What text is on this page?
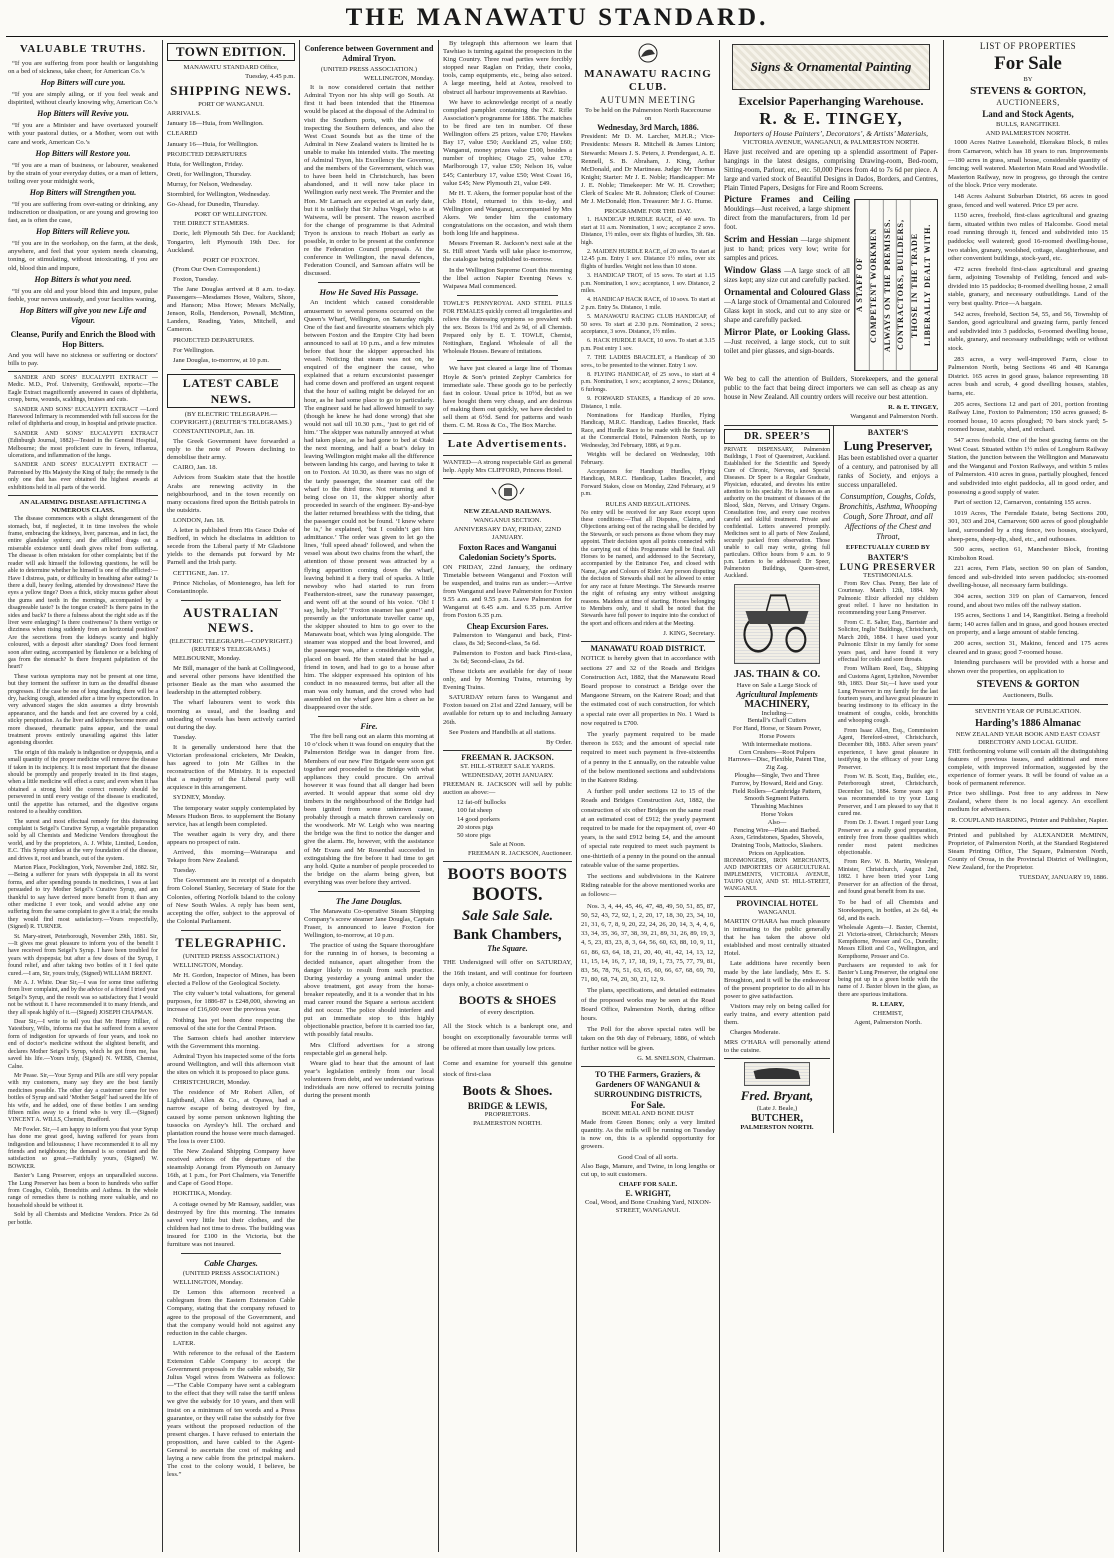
THE MANAWATU STANDARD.
VALUABLE TRUTHS.

“If you are suffering from poor health or languishing on a bed of sickness, take cheer, for American Co.’s

Hop Bitters will cure you.

“If you are simply ailing, or if you feel weak and dispirited, without clearly knowing why, American Co.’s

Hop Bitters will Revive you.

“If you are a Minister and have overtaxed yourself with your pastoral duties, or a Mother, worn out with care and work, American Co.’s

Hop Bitters will Restore you.

“If you are a man of business, or labourer, weakened by the strain of your everyday duties, or a man of letters, toiling over your midnight work,

Hop Bitters will Strengthen you.

“If you are suffering from over-eating or drinking, any indiscretion or dissipation, or are young and growing too fast, as is often the case,

Hop Bitters will Relieve you.

“If you are in the workshop, on the farm, at the desk, anywhere, and feel that your system needs cleansing, toning, or stimulating, without intoxicating, if you are old, blood thin and impure,

Hop Bitters is what you need.

“If you are old and your blood thin and impure, pulse feeble, your nerves unsteady, and your faculties waning,

Hop Bitters will give you new Life and Vigour.

Cleanse, Purify and Enrich the Blood with Hop Bitters.

And you will have no sickness or suffering or doctors’ bills to pay.

SANDER AND SONS’ EUCALYPTI EXTRACT —Medic. M.D., Prof. University, Greifswald, reports:—The Eagle Extract magnificently answered in cases of diphtheria, croup, burns, wounds, scaldings, bruises and cuts.

SANDER AND SONS’ EUCALYPTI EXTRACT —Lord Harewood Infirmary is recommended with full success for the relief of diphtheria and croup, in hospital and private practice.

SANDER AND SONS’ EUCALYPTI EXTRACT (Edinburgh Journal, 1882)—Tested in the General Hospital, Melbourne; the most proficient cure in fevers, influenza, ulcerations, and inflammation of the lungs.

SANDER AND SONS’ EUCALYPTI EXTRACT —Patronised by His Majesty the King of Italy; the remedy is the only one that has ever obtained the highest awards at exhibitions held in all parts of the world.

AN ALARMING DISEASE AFFLICTING A NUMEROUS CLASS.

The disease commences with a slight derangement of the stomach, but, if neglected, it in time involves the whole frame, embracing the kidneys, liver, pancreas, and in fact, the entire glandular system; and the afflicted drags out a miserable existence until death gives relief from suffering. The disease is often mistaken for other complaints; but if the reader will ask himself the following questions, he will be able to determine whether he himself is one of the afflicted:—Have I distress, pain, or difficulty in breathing after eating? Is there a dull, heavy feeling, attended by drowsiness? Have the eyes a yellow tinge? Does a thick, sticky mucus gather about the gums and teeth in the mornings, accompanied by a disagreeable taste? Is the tongue coated? Is there pains in the sides and back? Is there a fulness about the right side as if the liver were enlarging? Is there costiveness? Is there vertigo or dizziness when rising suddenly from an horizontal position? Are the secretions from the kidneys scanty and highly coloured, with a deposit after standing? Does food ferment soon after eating, accompanied by flatulence or a belching of gas from the stomach? Is there frequent palpitation of the heart?

These various symptoms may not be present at one time, but they torment the sufferer in turn as the dreadful disease progresses. If the case be one of long standing, there will be a dry, hacking cough, attended after a time by expectoration. In very advanced stages the skin assumes a dirty brownish appearance, and the hands and feet are covered by a cold, sticky perspiration. As the liver and kidneys become more and more diseased, rheumatic pains appear, and the usual treatment proves entirely unavailing against this latter agonising disorder.

The origin of this malady is indigestion or dyspepsia, and a small quantity of the proper medicine will remove the disease if taken in its incipiency. It is most important that the disease should be promptly and properly treated in its first stages, when a little medicine will effect a cure; and even when it has obtained a strong hold the correct remedy should be persevered in until every vestige of the disease is eradicated, until the appetite has returned, and the digestive organs restored to a healthy condition.

The surest and most effectual remedy for this distressing complaint is Seigel’s Curative Syrup, a vegetable preparation sold by all Chemists and Medicine Vendors throughout the world, and by the proprietors, A. J. White, Limited, London, E.C. This Syrup strikes at the very foundation of the disease, and drives it, root and branch, out of the system.

Marton Place, Pocklington, York, November 2nd, 1882. Sir,—Being a sufferer for years with dyspepsia in all its worst forms, and after spending pounds in medicines, I was at last persuaded to try Mother Seigel’s Curative Syrup, and am thankful to say have derived more benefit from it than any other medicine I ever took, and would advise any one suffering from the same complaint to give it a trial; the results they would find most satisfactory.—Yours respectfully, (Signed) R. TURNER.

St. Mary-street, Peterborough, November 29th, 1881. Sir,—It gives me great pleasure to inform you of the benefit I have received from Seigel’s Syrup. I have been troubled for years with dyspepsia; but after a few doses of the Syrup, I found relief, and after taking two bottles of it I feel quite cured.—I am, Sir, yours truly, (Signed) WILLIAM BRENT.

Mr A. J. White. Dear Sir,—I was for some time suffering from liver complaint, and by the advice of a friend I tried your Seigel’s Syrup, and the result was so satisfactory that I would not be without it. I have recommended it to many friends, and they all speak highly of it.—(Signed) JOSEPH CHAPMAN.

Dear Sir,—I write to tell you that Mr Henry Hillier, of Yatestbury, Wilts, informs me that he suffered from a severe form of indigestion for upwards of four years, and took no end of doctor’s medicine without the slightest benefit, and declares Mother Seigel’s Syrup, which he got from me, has saved his life.—Yours truly, (Signed) N. WEBB, Chemist, Calne.

Mr Pease. Sir,—Your Syrup and Pills are still very popular with my customers, many say they are the best family medicines possible. The other day a customer came for two bottles of Syrup and said ‘Mother Seigel’ had saved the life of his wife, and he added, one of these bottles I am sending fifteen miles away to a friend who is very ill.—(Signed) VINCENT A. WILLS, Chemist, Bradford.

Mr Fowler. Sir,—I am happy to inform you that your Syrup has done me great good, having suffered for years from indigestion and biliousness; I have recommended it to all my friends and neighbours; the demand is so constant and the satisfaction so great.—Faithfully yours, (Signed) W. BOWKER.

Baxter’s Lung Preserver, enjoys an unparalleled success. The Lung Preserver has been a boon to hundreds who suffer from Coughs, Colds, Bronchitis and Asthma. In the whole range of remedies there is nothing more valuable, and no household should be without it.

Sold by all Chemists and Medicine Vendors. Price 2s 6d per bottle.

TOWN EDITION.
MANAWATU STANDARD Office,
Tuesday, 4.45 p.m.
SHIPPING NEWS.
PORT OF WANGANUI.

ARRIVALS.

January 18—Huia, from Wellington.

CLEARED

January 16—Huia, for Wellington.

PROJECTED DEPARTURES

Huia, for Wellington, Friday.

Oreti, for Wellington, Thursday.

Murray, for Nelson, Wednesday.

Stormbird, for Wellington, Wednesday.

Go-Ahead, for Dunedin, Thursday.

PORT OF WELLINGTON.

THE DIRECT STEAMERS.

Doric, left Plymouth 5th Dec. for Auckland; Tongariro, left Plymouth 19th Dec. for Auckland.

PORT OF FOXTON.

(From Our Own Correspondent.)

Foxton, Tuesday.

The Jane Douglas arrived at 8 a.m. to-day. Passengers—Mesdames Howe, Walters, Shore, and Hanson; Miss Howe; Messrs McNally, Jenson, Rolls, Henderson, Pownall, McMinn, Landers, Reading, Yates, Mitchell, and Cameron.

PROJECTED DEPARTURES.

For Wellington.

Jane Douglas, to-morrow, at 10 p.m.

LATEST CABLE NEWS.
(BY ELECTRIC TELEGRAPH.—COPYRIGHT.) (REUTER’S TELEGRAMS.)

CONSTANTINOPLE, Jan. 18.

The Greek Government have forwarded a reply to the note of Powers declining to demobilise their army.

CAIRO, Jan. 18.

Advices from Suakim state that the hostile Arabs are renewing activity in the neighbourhood, and in the town recently on many occasions fired upon the British patrols in the outskirts.

LONDON, Jan. 18.

A letter is published from His Grace Duke of Bedford, in which he disclaims in addition to secede from the Liberal party if Mr Gladstone yields to the demands put forward by Mr Parnell and the Irish party.

CETTIGNE, Jan. 17.

Prince Nicholas, of Montenegro, has left for Constantinople.

AUSTRALIAN NEWS.
(ELECTRIC TELEGRAPH.—COPYRIGHT.) (REUTER’S TELEGRAMS.)

MELBOURNE, Monday.

Mr Bill, manager of the bank at Collingwood, and several other persons have identified the prisoner Beale as the man who assumed the leadership in the attempted robbery.

The wharf labourers went to work this morning as usual, and the loading and unloading of vessels has been actively carried out during the day.

Tuesday.

It is generally understood here that the Victorian professional cricketers, Mr Deakin, has agreed to join Mr Gillies in the reconstruction of the Ministry. It is expected that a majority of the Liberal party will acquiesce in this arrangement.

SYDNEY, Monday.

The temporary water supply contemplated by Messrs Hudson Bros. to supplement the Botany service, has at length been completed.

The weather again is very dry, and there appears no prospect of rain.

Arrived, this morning—Wairarapa and Tekapo from New Zealand.

Tuesday.

The Government are in receipt of a despatch from Colonel Stanley, Secretary of State for the Colonies, offering Norfolk Island to the colony of New South Wales. A reply has been sent, accepting the offer, subject to the approval of the Colonial Parliament.

TELEGRAPHIC.
(UNITED PRESS ASSOCIATION.)

WELLINGTON, Monday.

Mr H. Gordon, Inspector of Mines, has been elected a Fellow of the Geological Society.

The city valuer’s total valuations, for general purposes, for 1886-87 is £248,000, showing an increase of £16,600 over the previous year.

Nothing has yet been done respecting the removal of the site for the Central Prison.

The Samson chiefs had another interview with the Government this morning.

Admiral Tryon his inspected some of the forts around Wellington, and will this afternoon visit the sites on which it is proposed to place guns.

CHRISTCHURCH, Monday.

The residence of Mr Robert Allen, of Lightband, Allen & Co., at Opawa, had a narrow escape of being destroyed by fire, caused by some person unknown lighting the tussocks on Ayrsley’s hill. The orchard and plantation round the house were much damaged. The loss is over £100.

The New Zealand Shipping Company have received advices of the departure of the steamship Aorangi from Plymouth on January 16th, at 1 p.m., for Port Chalmers, via Teneriffe and Cape of Good Hope.

HOKITIKA, Monday.

A cottage owned by Mr Ramsay, saddler, was destroyed by fire this morning. The inmates saved very little but their clothes, and the children had not time to dress. The building was insured for £100 in the Victoria, but the furniture was not insured.

Cable Charges.
(UNITED PRESS ASSOCIATION.)

WELLINGTON, Monday.

Dr Lemon this afternoon received a cablegram from the Eastern Extension Cable Company, stating that the company refused to agree to the proposal of the Government, and that the company would hold not against any reduction in the cable charges.

LATER.

With reference to the refusal of the Eastern Extension Cable Company to accept the Government proposals re the cable subsidy, Sir Julius Vogel wires from Waiwera as follows:—“The Cable Company have sent a cablegram to the effect that they will raise the tariff unless we give the subsidy for 10 years, and then will insist on a minimum of ten words and a Press guarantee, or they will raise the subsidy for five years without the proposed reduction of the present charges. I have refused to entertain the proposition, and have cabled to the Agent-General to ascertain the cost of making and laying a new cable from the principal makers. The cost to the colony would, I believe, be less.”

Conference between Government and Admiral Tryon.
(UNITED PRESS ASSOCIATION.)
WELLINGTON, Monday.

It is now considered certain that neither Admiral Tryon nor his ship will go South. At first it had been intended that the Hinemoa would be placed at the disposal of the Admiral to visit the Southern ports, with the view of inspecting the Southern defences, and also the West Coast Sounds but as the time of the Admiral in New Zealand waters is limited he is unable to make his intended visits. The meeting of Admiral Tryon, his Excellency the Governor, and the members of the Government, which was to have been held in Christchurch, has been abandoned, and it will now take place in Wellington early next week. The Premier and the Hon. Mr Larnach are expected at an early date, but it is unlikely that Sir Julius Vogel, who is at Waiwera, will be present. The reason ascribed for the change of programme is that Admiral Tryon is anxious to reach Hobart as early as possible, in order to be present at the conference re the Federation Council proposals. At the conference in Wellington, the naval defences, Federation Council, and Samoan affairs will be discussed.

How He Saved His Passage.

An incident which caused considerable amusement to several persons occurred on the Queen’s Wharf, Wellington, on Saturday night. One of the fast and favourite steamers which ply between Foxton and the Empire City had been announced to sail at 10 p.m., and a few minutes before that hour the skipper approached his vessel. Noticing that steam was not on, he enquired of the engineer the cause, who explained that a return excursionist passenger had come down and proffered an urgent request that the hour of sailing might be delayed for an hour, as he had some place to go to particularly. The engineer said he had allowed himself to say (though he knew he had done wrong) that she would not sail till 10.30 p.m., ‘just to get rid of him.’ The skipper was naturally annoyed at what had taken place, as he had gone to bed at Otaki the next morning, and half a boat’s delay in leaving Wellington might make all the difference between landing his cargo, and having to take it on to Foxton. At 10.30, as there was no sign of the tardy passenger, the steamer cast off the wharf to the third time. Not returning and it being close on 11, the skipper shortly after proceeded in search of the engineer. By-and-bye the latter returned breathless with the tiding, that the passenger could not be found. ‘I knew where he is,’ he explained, ‘but I couldn’t get him admittance.’ The order was given to let go the lines, ‘full speed ahead’ followed, and when the vessel was about two chains from the wharf, the attention of those present was attracted by a flying apparition coming down the wharf, leaving behind it a fiery trail of sparks. A little newsboy who had started to run from Featherston-street, saw the runaway passenger, and went off at the sound of his voice. ‘Oh! I say, help, help!’ ‘Foxton steamer has gone!’ and presently as the unfortunate traveller came up, the skipper shouted to him to go over to the Manawatu boat, which was lying alongside. The steamer was stopped and the boat lowered, and the passenger was, after a considerable struggle, placed on board. He then stated that he had a friend in town, and had to go to a house after him. The skipper expressed his opinion of his conduct in no measured terms, but after all the man was only human, and the crowd who had assembled on the wharf gave him a cheer as he disappeared over the side.

Fire.

The fire bell rang out an alarm this morning at 10 o’clock when it was found on enquiry that the Palmerston Bridge was in danger from fire. Members of our new Fire Brigade were soon got together and proceeded to the Bridge with what appliances they could procure. On arrival however it was found that all danger had been averted. It would appear that some old dry timbers in the neighbourhood of the Bridge had been ignited from some unknown cause, probably through a match thrown carelessly on the woodwork. Mr W. Leigh who was nearing the bridge was the first to notice the danger and give the alarm. He, however, with the assistance of Mr Evans and Mr Rosenthal succeeded in extinguishing the fire before it had time to get any hold. Quite a number of people proceeded to the bridge on the alarm being given, but everything was over before they arrived.

The Jane Douglas.

The Manawatu Co-operative Steam Shipping Company’s screw steamer Jane Douglas, Captain Fraser, is announced to leave Foxton for Wellington, to-morrow, at 10 p.m.

The practice of using the Square thoroughfare for the running in of horses, is becoming a decided nuisance, apart altogether from the danger likely to result from such practice. During yesterday a young animal under the above treatment, got away from the horse-breaker repeatedly, and it is a wonder that in his mad career round the Square a serious accident did not occur. The police should interfere and put an immediate stop to this highly objectionable practice, before it is carried too far, with possibly fatal results.

Mrs Clifford advertises for a strong respectable girl as general help.

Weare glad to hear that the amount of last year’s legislation entirely from our local volunteers from debt, and we understand various individuals are now offered to recruits joining during the present month

By telegraph this afternoon we learn that Tawhiao is turning against the prospectors in the King Country. Three road parties were forcibly stopped near Raglan on Friday, their cooks, tools, camp equipments, etc., being also seized. A large meeting, held at Aotea, resolved to obstruct all harbour improvements at Rawhiao.

We have to acknowledge receipt of a neatly compiled pamphlet containing the N.Z. Rifle Association’s programme for 1886. The matches to be fired are ten in number. Of these Wellington offers 25 prizes, value £70; Hawkes Bay 17, value £50; Auckland 25, value £60; Wanganui, money prizes value £100, besides a number of trophies; Otago 25, value £70; Marlborough 17, value £50; Nelson 16, value £45; Canterbury 17, value £50; West Coast 16, value £45; New Plymouth 21, value £49.

Mr H. T. Akers, the former popular host of the Club Hotel, returned to this to-day, and Wellington and Wanganui, accompanied by Mrs Akers. We tender him the customary congratulations on the occasion, and wish them both long life and happiness.

Messrs Freeman R. Jackson’s next sale at the St. Hill street Yards will take place to-morrow, the catalogue being published to-morrow.

In the Wellington Supreme Court this morning the libel action Napier Evening News v. Waipawa Mail commenced.

TOWLE’S PENNYROYAL AND STEEL PILLS FOR FEMALES quickly correct all irregularities and relieve the distressing symptoms so prevalent with the sex. Boxes 1s 1½d and 2s 9d, of all Chemists. Prepared only by E. T. TOWLE, Chemist, Nottingham, England. Wholesale of all the Wholesale Houses. Beware of imitations.

We have just cleared a large line of Thomas Hoyle & Son’s printed Zephyr Cambrics for immediate sale. These goods go to be perfectly fast in colour. Usual price is 10½d, but as we have bought them very cheap, and are desirous of making them out quickly, we have decided to sell them at 6½d. Send for patterns and wash them. C. M. Ross & Co., The Box Marche.

Late Advertisements.

WANTED—A strong respectable Girl as general help. Apply Mrs CLIFFORD, Princess Hotel.

NEW ZEALAND RAILWAYS.
WANGANUI SECTION.
ANNIVERSARY DAY, FRIDAY, 22ND JANUARY.
Foxton Races and Wanganui Caledonian Society’s Sports.

ON FRIDAY, 22nd January, the ordinary Timetable between Wanganui and Foxton will be suspended, and trains run as under:—Arrive from Wanganui and leave Palmerston for Foxton 9.55 a.m. and 9.55 p.m. Leave Palmerston for Wanganui at 6.45 a.m. and 6.35 p.m. Arrive from Foxton 6.35 p.m.

Cheap Excursion Fares.

Palmerston to Wanganui and back, First-class, 8s 3d; Second-class, 5s 6d.

Palmerston to Foxton and back First-class, 3s 6d; Second-class, 2s 6d.

These tickets are available for day of issue only, and by Morning Trains, returning by Evening Trains.

SATURDAY return fares to Wanganui and Foxton issued on 21st and 22nd January, will be available for return up to and including January 26th.

See Posters and Handbills at all stations.

By Order.
FREEMAN R. JACKSON.
ST. HILL-STREET SALE YARDS.
WEDNESDAY, 20TH JANUARY.

FREEMAN R. JACKSON will sell by public auction as above:—

12 fat-off bullocks

100 fat sheep

14 good porkers

20 stores pigs

50 store pigs

Sale at Noon.
FREEMAN R. JACKSON, Auctioneer.
BOOTS BOOTS
BOOTS.
Sale Sale Sale.
Bank Chambers,
The Square.

THE Undersigned will offer on SATURDAY, the 16th instant, and will continue for fourteen days only, a choice assortment o

BOOTS & SHOES
of every description.

All the Stock which is a bankrupt one, and bought on exceptionally favourable terms will be offered at more than usually low prices.

Come and examine for yourself this genuine stock of first-class

Boots & Shoes.
BRIDGE & LEWIS,
PROPRIETORS.
PALMERSTON NORTH.
MANAWATU RACING CLUB.
AUTUMN MEETING
To be held on the Palmerston North Racecourse on
Wednesday, 3rd March, 1886.

President: Mr D. M. Larcher, M.H.R.; Vice-Presidents: Messrs R. Mitchell & James Linton; Stewards: Messrs J. S. Peters, J. Prendergast, A. E. Rennell, S. B. Abraham, J. King, Arthur McDonald, and Dr Martineau. Judge: Mr Thomas Knight; Starter: Mr J. E. Noble; Handicapper: Mr J. E. Noble; Timekeeper: Mr W. H. Crowther; Clerk of Scales: Mr R. Johnston; Clerk of Course: Mr J. McDonald; Hon. Treasurer: Mr J. G. Hume.

PROGRAMME FOR THE DAY.

1. HANDICAP HURDLE RACE, of 40 sovs. To start at 11 a.m. Nomination, 1 sov.; acceptance 2 sovs. Distance, 1½ miles, over six flights of hurdles, 3ft. 6in. high.

2. MAIDEN HURDLE RACE, of 20 sovs. To start at 12.45 p.m. Entry 1 sov. Distance 1½ miles, over six flights of hurdles. Weight not less than 10 stone.

3. HANDICAP TROT, of 15 sovs. To start at 1.15 p.m. Nomination, 1 sov.; acceptance, 1 sov. Distance, 2 miles.

4. HANDICAP HACK RACE, of 10 sovs. To start at 2 p.m. Entry 5s. Distance, 1 mile.

5. MANAWATU RACING CLUB HANDICAP, of 50 sovs. To start at 2.30 p.m. Nomination, 2 sovs.; acceptance, 3 sovs. Distance, 1½ miles.

6. HACK HURDLE RACE, 10 sovs. To start at 3.15 p.m. Post entry 1 sov.

7. THE LADIES BRACELET, a Handicap of 30 sovs., to be presented to the winner. Entry 1 sov.

8. FLYING HANDICAP, of 25 sovs., to start at 4 p.m. Nomination, 1 sov.; acceptance, 2 sovs.; Distance, 6 furlongs.

9. FORWARD STAKES, a Handicap of 20 sovs. Distance, 1 mile.

Nominations for Handicap Hurdles, Flying Handicap, M.R.C. Handicap, Ladies Bracelet, Hack Race, and Hurdle Race to be made with the Secretary at the Commercial Hotel, Palmerston North, up to Wednesday, 3rd February, 1886, at 9 p.m.

Weights will be declared on Wednesday, 10th February.

Acceptances for Handicap Hurdles, Flying Handicap, M.R.C. Handicap, Ladies Bracelet, and Forward Stakes, close on Monday, 22nd February, at 9 p.m.

RULES AND REGULATIONS.

No entry will be received for any Race except upon these conditions:—That all Disputes, Claims, and Objections arising out of the racing shall be decided by the Stewards, or such persons as those whom they may appoint. Their decision upon all points connected with the carrying out of this Programme shall be final. All Horses to be named, and addressed to the Secretary, accompanied by the Entrance Fee, and closed with Name, Age and Colours of Rider. Any person disputing the decision of Stewards shall not be allowed to enter for any race at future Meetings. The Stewards reserve the right of refusing any entry without assigning reasons. Maidens at time of starting. Horses belonging to Members only, and it shall be noted that the Stewards have full power to inquire into the conduct of the sport and officers and riders at the Meeting.

J. KING, Secretary.
MANAWATU ROAD DISTRICT.

NOTICE is hereby given that in accordance with sections 27 and 32 of the Roads and Bridges Construction Act, 1882, that the Manawatu Road Board propose to construct a Bridge over the Mangaone Stream, on the Kairere Road; and that the estimated cost of such construction, for which a special rate over all properties in No. 1 Ward is now required is £700.

The yearly payment required to be made thereon is £63; and the amount of special rate required to meet such payment is five-sixteenths of a penny in the £ annually, on the rateable value of the below mentioned sections and subdivisions in the Kairere Riding.

A further poll under sections 12 to 15 of the Roads and Bridges Construction Act, 1882, the construction of six other Bridges on the same road at an estimated cost of £912; the yearly payment required to be made for the repayment of, over 40 years, is the said £912 being £4, and the amount of special rate required to meet such payment is one-thirtieth of a penny in the pound on the annual rateable value of the same properties.

The sections and subdivisions in the Kairere Riding rateable for the above mentioned works are as follows:—

Nos. 3, 4, 44, 45, 46, 47, 48, 49, 50, 51, 85, 87, 50, 52, 43, 72, 92, 1, 2, 20, 17, 18, 30, 23, 34, 10, 21, 31, 6, 7, 8, 9, 20, 22, 24, 26, 20, 14, 3, 4, 4, 6, 33, 34, 35, 36, 37, 38, 39, 21, 89, 31, 26, 89, 19, 3, 4, 5, 23, 83, 23, 8, 3, 64, 56, 60, 63, 88, 10, 9, 11, 61, 86, 63, 64, 18, 21, 20, 40, 41, 42, 14, 13, 12, 11, 15, 14, 16, 7, 17, 18, 19, 1, 73, 75, 77, 79, 81, 83, 56, 78, 76, 51, 63, 65, 60, 66, 67, 68, 69, 70, 71, 80, 68, 74, 20, 30, 21, 12, 9.

The plans, specifications, and detailed estimates of the proposed works may be seen at the Road Board Office, Palmerston North, during office hours.

The Poll for the above special rates will be taken on the 9th day of February, 1886, of which further notice will be given.

G. M. SNELSON, Chairman.
TO THE Farmers, Graziers, & Gardeners OF WANGANUI & SURROUNDING DISTRICTS,
For Sale.
BONE MEAL AND BONE DUST

Made from Green Bones; only a very limited quantity. As the mills will be running on Tuesday is now on, this is a splendid opportunity for growers.

Good Coal of all sorts.

Also Bags, Manure, and Twine, in long lengths or cut up, to suit customers.

CHAFF FOR SALE.
E. WRIGHT,
Coal, Wood, and Bone Crushing Yard, NIXON-STREET, WANGANUI.
Signs & Ornamental Painting
Excelsior Paperhanging Warehouse.
R. & E. TINGEY,
Importers of House Painters’, Decorators’, & Artists’ Materials,
VICTORIA AVENUE, WANGANUI, & PALMERSTON NORTH.

Have just received and are opening up a splendid assortment of Paper-hangings in the latest designs, comprising Drawing-room, Bed-room, Sitting-room, Parlour, etc., etc. 50,000 Pieces from 4d to 7s 6d per piece. A large and varied stock of Beautiful Designs in Dados, Borders, and Centres, Plain Tinted Papers, Designs for Fire and Room Screens.

Picture Frames and Ceiling Mouldings—Just received, a large shipment direct from the manufacturers, from 1d per foot.

Scrim and Hessian —large shipment just to hand; prices very low; write for samples and prices.

Window Glass —A large stock of all sizes kept; any size cut and carefully packed.

Ornamental and Coloured Glass —A large stock of Ornamental and Coloured Glass kept in stock, and cut to any size or shape and carefully packed.

Mirror Plate, or Looking Glass. —Just received, a large stock, cut to suit toilet and pier glasses, and sign-boards.

A STAFF OF COMPETENT WORKMEN ALWAYS ON THE PREMISES. CONTRACTORS, BUILDERS, THOSE IN THE TRADE LIBERALLY DEALT WITH.

We beg to call the attention of Builders, Storekeepers, and the general public to the fact that being direct importers we can sell as cheap as any house in New Zealand. All country orders will receive our best attention.

R. & E. TINGEY,
Wanganui and Palmerston North.
DR. SPEER’S

PRIVATE DISPENSARY, Palmerston Buildings, 1 Foot of Queenstreet, Auckland. Established for the Scientific and Speedy Cure of Chronic, Nervous, and Special Diseases. Dr Speer is a Regular Graduate, Physician, educated, and devotes his entire attention to his specialty. He is known as an authority on the treatment of diseases of the Blood, Skin, Nerves, and Urinary Organs. Consultation free, and every case receives careful and skilful treatment. Private and confidential. Letters answered promptly. Medicines sent to all parts of New Zealand, securely packed from observation. Those unable to call may write, giving full particulars. Office hours from 9 a.m. to 9 p.m. Letters to be addressed: Dr Speer, Palmerston Buildings, Queen-street, Auckland.

JAS. THAIN & CO.
Have on Sale a Large Stock of
Agricultural Implements
MACHINERY,

Including—

Bentall’s Chaff Cutters

For Hand, Horse, or Steam Power,

Horse Powers

With intermediate motions.

Corn Crushers—Root Pulpers

Harrows—Disc, Flexible, Patent Tine, Zig Zag.

Ploughs—Single, Two and Three Furrow, by Howard, Reid and Gray.

Field Rollers—Cambridge Pattern, Smooth Segment Pattern.

Thrashing Machines

Horse Yokes

Also—

Fencing Wire—Plain and Barbed.

Axes, Grindstones, Spades, Shovels, Draining Tools, Mattocks, Slashers.

Prices on Application.

IRONMONGERS, IRON MERCHANTS, AND IMPORTERS OF AGRICULTURAL IMPLEMENTS, VICTORIA AVENUE, TAUPO QUAY, AND ST. HILL-STREET, WANGANUI.

PROVINCIAL HOTEL
WANGANUI.

MARTIN O’HARA has much pleasure in intimating to the public generally that he has taken the above old established and most centrally situated Hotel.

Late additions have recently been made by the late landlady, Mrs E. S. Broughton, and it will be the endeavour of the present proprietor to do all in his power to give satisfaction.

Visitors may rely on being called for early trains, and every attention paid them.

Charges Moderate.

MRS O’HARA will personally attend to the cuisine.

Fred. Bryant,
(Late J. Beale,)
BUTCHER,
PALMERSTON NORTH.
BAXTER’S
Lung Preserver,

Has been established over a quarter of a century, and patronised by all ranks of Society, and enjoys a success unparalleled.

Consumption, Coughs, Colds, Bronchitis, Asthma, Whooping Cough, Sore Throat, and all Affections of the Chest and Throat,

EFFECTUALLY CURED BY
BAXTER’S
LUNG PRESERVER
TESTIMONIALS.

From Rev Chas. Penny, Bee late of Courtenay. March 12th, 1884. My Pulmonic Elixir afforded my children great relief. I have no hesitation in recommending your Lung Preserver.

From C. E. Salter, Esq., Barrister and Solicitor, Inglis’ Buildings, Christchurch, March 20th, 1884. I have used your Pulmonic Elixir in my family for some years past, and have found it very effectual for colds and sore throats.

From William Reed, Esq., Shipping and Customs Agent, Lyttelton, November 9th, 1883. Dear Sir,—I have used your Lung Preserver in my family for the last fourteen years, and have great pleasure in bearing testimony to its efficacy in the treatment of coughs, colds, bronchitis and whooping cough.

From Isaac Allen, Esq., Commission Agent, Hereford-street, Christchurch, December 8th, 1883. After seven years’ experience, I have great pleasure in testifying to the efficacy of your Lung Preserver.

From W. B. Scott, Esq., Builder, etc., Peterborough street, Christchurch, December 1st, 1884. Some years ago I was recommended to try your Lung Preserver, and I am pleased to say that it cured me.

From Dr. J. Ewart. I regard your Lung Preserver as a really good preparation, entirely free from those qualities which render most patent medicines objectionable.

From Rev. W. B. Martin, Wesleyan Minister, Christchurch, August 2nd, 1882. I have been tried your Lung Preserver for an affection of the throat, and found great benefit from its use.

To be had of all Chemists and Storekeepers, in bottles, at 2s 6d, 4s 6d, and 8s each.

Wholesale Agents—J. Baxter, Chemist, 21 Victoria-street, Christchurch; Messrs Kempthorne, Prosser and Co., Dunedin; Messrs Elliott and Co., Wellington, and Kempthorne, Prosser and Co.

Purchasers are requested to ask for Baxter’s Lung Preserver, the original one being put up in a green bottle with the name of J. Baxter blown in the glass, as there are spurious imitations.

R. LEARY,
CHEMIST,
Agent, Palmerston North.
LIST OF PROPERTIES
For Sale
BY
STEVENS & GORTON,
AUCTIONEERS,
Land and Stock Agents,
BULLS, RANGITIKEI.
AND PALMERSTON NORTH.

1000 Acres Native Leasehold, Ekerakau Block, 8 miles from Carnarvon, which has 18 years to run. Improvements—180 acres in grass, small house, considerable quantity of fencing; well watered. Masterton Main Road and Woodville. Masterton Railway, now in progress, go through the centre of the block. Price very moderate.

148 Acres Ashurst Suburban District, 66 acres in good grass, fenced and well watered. Price £9 per acre.

1150 acres, freehold, first-class agricultural and grazing farm, situated within two miles of Halcombe. Good metal road running through it, fenced and subdivided into 15 paddocks; well watered; good 16-roomed dwelling-house, two stables, granary, woolshed, cottage, slaughterhouse, and other convenient buildings, stock-yard, etc.

472 acres freehold first-class agricultural and grazing farm, adjoining Township of Feilding, fenced and sub-divided into 15 paddocks; 8-roomed dwelling house, 2 small stable, granary, and necessary outbuildings. Land of the very best quality. Price—A bargain.

542 acres, freehold, Section 54, 55, and 56, Township of Sandon, good agricultural and grazing farm, partly fenced and subdivided into 3 paddocks, 6-roomed dwelling house, stable, granary, and necessary outbuildings; with or without stock.

283 acres, a very well-improved Farm, close to Palmerston North, being Sections 46 and 48 Karanga District. 165 acres in good grass, balance representing 18 acres bush and scrub, 4 good dwelling houses, stables, barns, etc.

205 acres, Sections 12 and part of 201, portion fronting Railway Line, Foxton to Palmerston; 150 acres grassed; 8-roomed house, 10 acres ploughed; 70 bars stock yard; 5-roomed house, stable, shed, and orchard.

547 acres freehold. One of the best grazing farms on the West Coast. Situated within 1½ miles of Longburn Railway Station, the junction between the Wellington and Manawatu and the Wanganui and Foxton Railways, and within 5 miles of Palmerston. 410 acres in grass, partially ploughed, fenced and subdivided into eight paddocks, all in good order, and possessing a good supply of water.

Part of section 12, Carnarvon, containing 155 acres.

1019 Acres, The Ferndale Estate, being Sections 200, 301, 303 and 204, Carnarvon; 600 acres of good ploughable land, surrounded by a ring fence, two houses, stockyard, sheep-pens, sheep-dip, shed, etc., and outhouses.

500 acres, section 61, Manchester Block, fronting Kimbolton Road.

221 acres, Fern Flats, section 90 on plan of Sandon, fenced and sub-divided into seven paddocks; six-roomed dwelling-house, all necessary farm buildings.

304 acres, section 319 on plan of Carnarvon, fenced round, and about two miles off the railway station.

195 acres, Sections 1 and 14, Rangitikei. Being a freehold farm; 140 acres fallen and in grass, and good houses erected on property, and a large amount of stable fencing.

200 acres, section 31, Makino, fenced and 175 acres cleared and in grass; good 7-roomed house.

Intending purchasers will be provided with a horse and shown over the properties, on application to

STEVENS & GORTON
Auctioneers, Bulls.
SEVENTH YEAR OF PUBLICATION.
Harding’s 1886 Almanac
NEW ZEALAND YEAR BOOK AND EAST COAST DIRECTORY AND LOCAL GUIDE.

THE forthcoming volume will contain all the distinguishing features of previous issues, and additional and more complete, with improved information, suggested by the experience of former years. It will be found of value as a book of permanent reference.

Price two shillings. Post free to any address in New Zealand, where there is no local agency. An excellent medium for advertisers.

R. COUPLAND HARDING, Printer and Publisher, Napier.

Printed and published by ALEXANDER McMINN, Proprietor, of Palmerston North, at the Standard Registered Steam Printing Office, The Square, Palmerston North, County of Oroua, in the Provincial District of Wellington, New Zealand, for the Proprietor.

TUESDAY, JANUARY 19, 1886.
